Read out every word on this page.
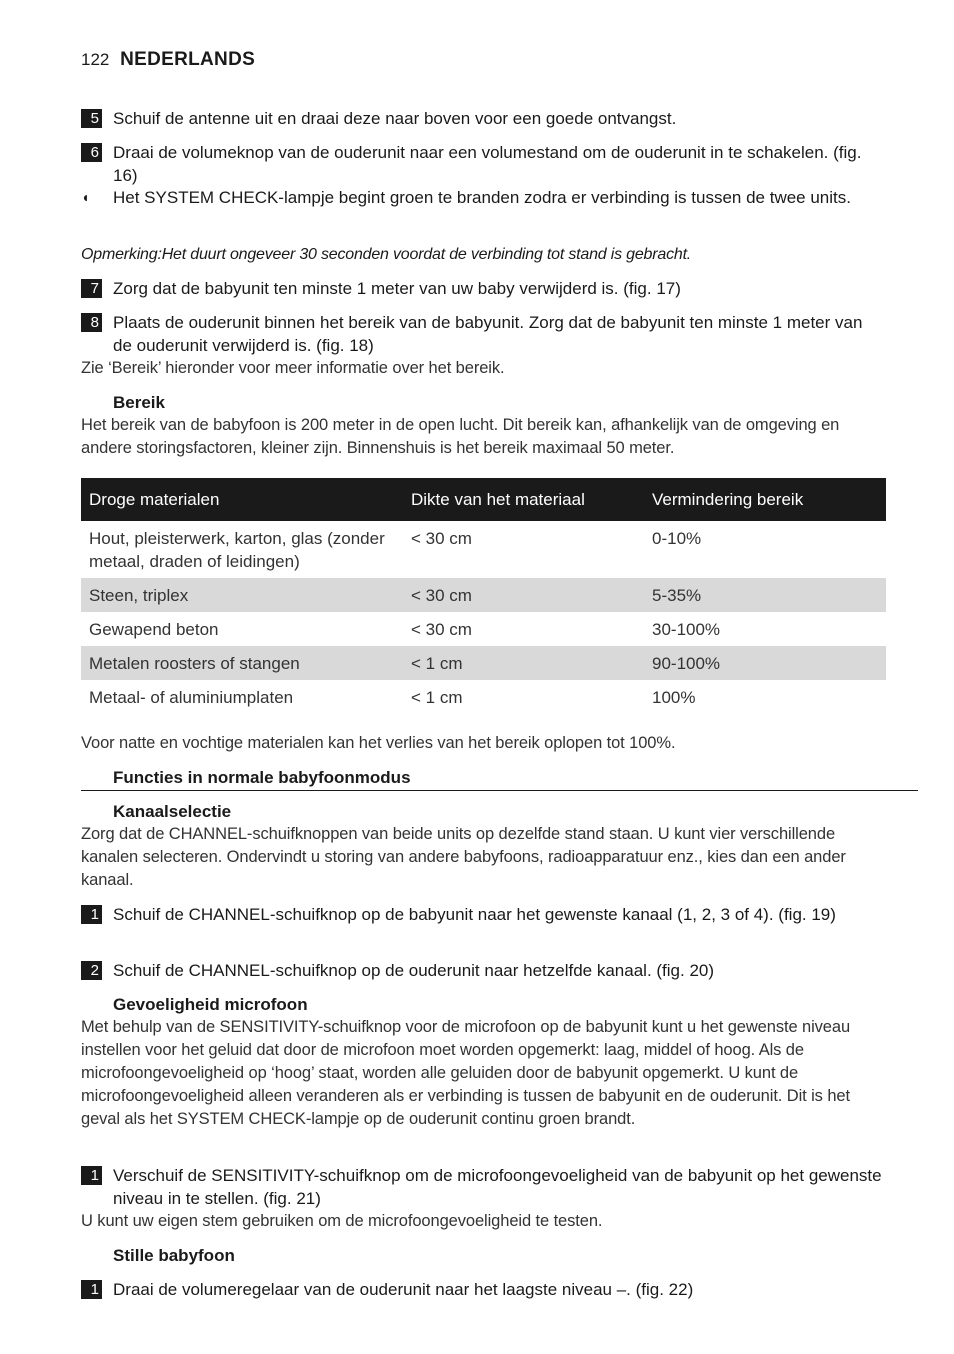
122 NEDERLANDS
5 Schuif de antenne uit en draai deze naar boven voor een goede ontvangst.
6 Draai de volumeknop van de ouderunit naar een volumestand om de ouderunit in te schakelen. (fig. 16)
◖ Het SYSTEM CHECK-lampje begint groen te branden zodra er verbinding is tussen de twee units.
Opmerking:Het duurt ongeveer 30 seconden voordat de verbinding tot stand is gebracht.
7 Zorg dat de babyunit ten minste 1 meter van uw baby verwijderd is. (fig. 17)
8 Plaats de ouderunit binnen het bereik van de babyunit. Zorg dat de babyunit ten minste 1 meter van de ouderunit verwijderd is. (fig. 18)
Zie ‘Bereik’ hieronder voor meer informatie over het bereik.
Bereik
Het bereik van de babyfoon is 200 meter in de open lucht. Dit bereik kan, afhankelijk van de omgeving en andere storingsfactoren, kleiner zijn. Binnenshuis is het bereik maximaal 50 meter.
Droge materialen	Dikte van het materiaal	Vermindering bereik
Hout, pleisterwerk, karton, glas (zonder metaal, draden of leidingen)	< 30 cm	0-10%
Steen, triplex	< 30 cm	5-35%
Gewapend beton	< 30 cm	30-100%
Metalen roosters of stangen	< 1 cm	90-100%
Metaal- of aluminiumplaten	< 1 cm	100%
Voor natte en vochtige materialen kan het verlies van het bereik oplopen tot 100%.
Functies in normale babyfoonmodus
Kanaalselectie
Zorg dat de CHANNEL-schuifknoppen van beide units op dezelfde stand staan. U kunt vier verschillende kanalen selecteren. Ondervindt u storing van andere babyfoons, radioapparatuur enz., kies dan een ander kanaal.
1 Schuif de CHANNEL-schuifknop op de babyunit naar het gewenste kanaal (1, 2, 3 of 4). (fig. 19)
2 Schuif de CHANNEL-schuifknop op de ouderunit naar hetzelfde kanaal. (fig. 20)
Gevoeligheid microfoon
Met behulp van de SENSITIVITY-schuifknop voor de microfoon op de babyunit kunt u het gewenste niveau instellen voor het geluid dat door de microfoon moet worden opgemerkt: laag, middel of hoog. Als de microfoongevoeligheid op ‘hoog’ staat, worden alle geluiden door de babyunit opgemerkt. U kunt de microfoongevoeligheid alleen veranderen als er verbinding is tussen de babyunit en de ouderunit. Dit is het geval als het SYSTEM CHECK-lampje op de ouderunit continu groen brandt.
1 Verschuif de SENSITIVITY-schuifknop om de microfoongevoeligheid van de babyunit op het gewenste niveau in te stellen. (fig. 21)
U kunt uw eigen stem gebruiken om de microfoongevoeligheid te testen.
Stille babyfoon
1 Draai de volumeregelaar van de ouderunit naar het laagste niveau –. (fig. 22)
